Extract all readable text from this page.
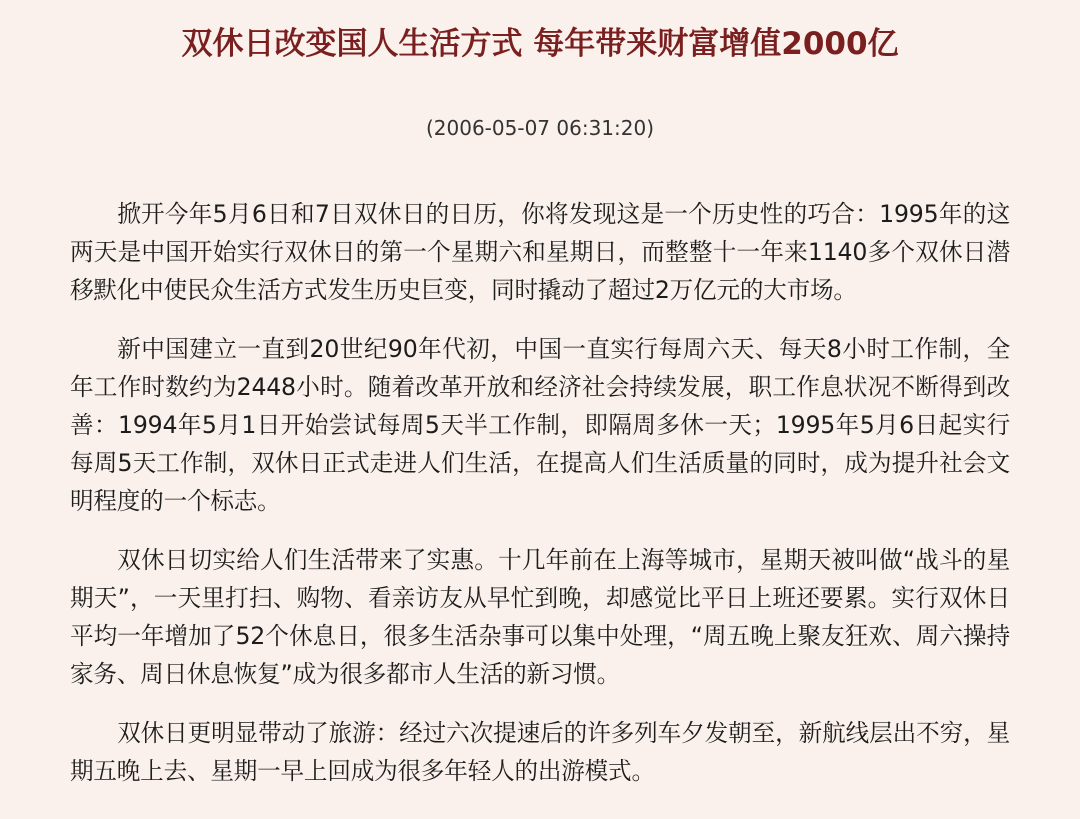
双休日改变国人生活方式 每年带来财富增值2000亿

(2006-05-07 06:31:20)

掀开今年5月6日和7日双休日的日历，你将发现这是一个历史性的巧合：1995年的这两天是中国开始实行双休日的第一个星期六和星期日，而整整十一年来1140多个双休日潜移默化中使民众生活方式发生历史巨变，同时撬动了超过2万亿元的大市场。

新中国建立一直到20世纪90年代初，中国一直实行每周六天、每天8小时工作制，全年工作时数约为2448小时。随着改革开放和经济社会持续发展，职工作息状况不断得到改善：1994年5月1日开始尝试每周5天半工作制，即隔周多休一天；1995年5月6日起实行每周5天工作制，双休日正式走进人们生活，在提高人们生活质量的同时，成为提升社会文明程度的一个标志。

双休日切实给人们生活带来了实惠。十几年前在上海等城市，星期天被叫做“战斗的星期天”，一天里打扫、购物、看亲访友从早忙到晚，却感觉比平日上班还要累。实行双休日平均一年增加了52个休息日，很多生活杂事可以集中处理，“周五晚上聚友狂欢、周六操持家务、周日休息恢复”成为很多都市人生活的新习惯。

双休日更明显带动了旅游：经过六次提速后的许多列车夕发朝至，新航线层出不穷，星期五晚上去、星期一早上回成为很多年轻人的出游模式。
